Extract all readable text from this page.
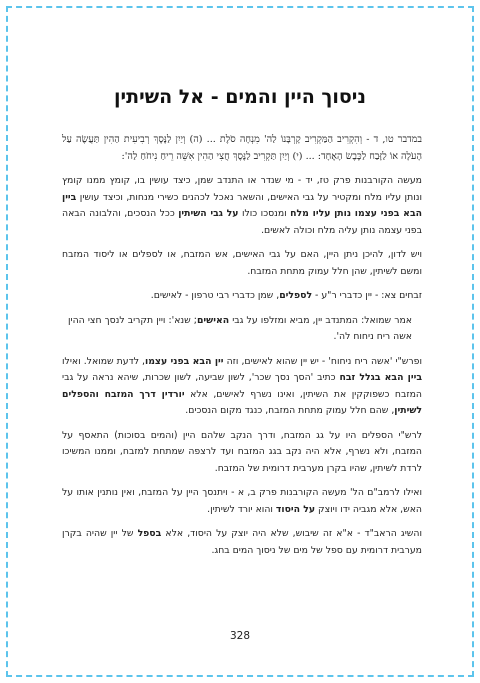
ניסוך היין והמים - אל השיתין

במדבר טו, ד - וְהִקְרִיב הַמַּקְרִיב קָרְבָּנוֹ לַה' מִנְחָה סֹלֶת ... (ה) וְיַיִן לַנֶּסֶךְ רְבִיעִית הַהִין תַּעֲשֶׂה עַל הָעֹלָה אוֹ לַזָּבַח לַכֶּבֶשׂ הָאֶחָד: ... (י) וְיַיִן תַּקְרִיב לַנֶּסֶךְ חֲצִי הַהִין אִשֵּׁה רֵיחַ נִיחֹחַ לַה':

מעשה הקורבנות פרק טז, יד - מי שנדר או התנדב שמן, כיצד עושין בו, קומץ ממנו קומץ ונותן עליו מלח ומקטיר על גבי האישים, והשאר נאכל לכהנים כשירי מנחות, וכיצד עושין ביין הבא בפני עצמו נותן עליו מלח ומנסכו כולו על גבי השיתין ככל הנסכים, והלבונה הבאה בפני עצמה נותן עליה מלח וכולה לאשים.

ויש לדון, להיכן ניתן היין, האם על גבי האישים, אש המזבח, או לספלים או ליסוד המזבח ומשם לשיתין, שהן חלל עמוק מתחת המזבח.

זבחים צא: - יין כדברי ר"ע - לספלים, שמן כדברי רבי טרפון - לאישים.

אמר שמואל: המתנדב יין, מביא ומזלפו על גבי האישים; שנא': ויין תקריב לנסך חצי ההין אשה ריח ניחוח לה'.

ופרש"י 'אשה ריח ניחוח' - יש יין שהוא לאישים, וזה יין הבא בפני עצמו, לדעת שמואל. ואילו ביין הבא בגלל זבח כתיב 'הסך נסך שכר', לשון שביעה, לשון שכרות, שיהא נראה על גבי המזבח כשפוקקין את השיתין, ואינו נשרף לאישים, אלא יורדין דרך המזבח והספלים לשיתין, שהם חלל עמוק מתחת המזבח, כנגד מקום הנסכים.

לרש"י הספלים היו על גג המזבח, ודרך הנקב שלהם היין (והמים בסוכות) התאסף על המזבח, ולא נשרף, אלא היה נקב בגג המזבח ועד לרצפה שמתחת למזבח, וממנו המשיכו לרדת לשיתין, שהיו בקרן מערבית דרומית של המזבח.

ואילו לרמב"ם הל' מעשה הקורבנות פרק ב, א - ויתנסך היין על המזבח, ואין נותנין אותו על האש, אלא מגביה ידו ויוצק על היסוד והוא יורד לשיתין.

והשיג הראב"ד - א"א זה שיבוש, שלא היה יוצק על היסוד, אלא בספל של יין שהיה בקרן מערבית דרומית עם ספל של מים של ניסוך המים בחג.

328
